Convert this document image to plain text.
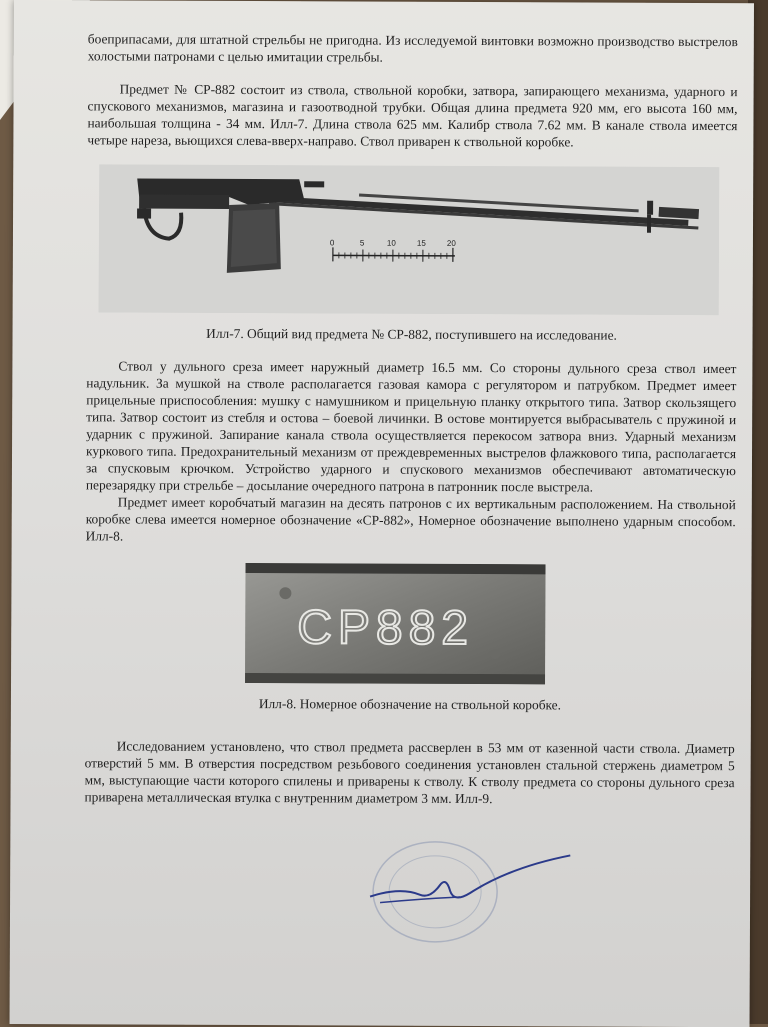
боеприпасами, для штатной стрельбы не пригодна. Из исследуемой винтовки возможно производство выстрелов холостыми патронами с целью имитации стрельбы.

Предмет № СР-882 состоит из ствола, ствольной коробки, затвора, запирающего механизма, ударного и спускового механизмов, магазина и газоотводной трубки. Общая длина предмета 920 мм, его высота 160 мм, наибольшая толщина - 34 мм. Илл-7. Длина ствола 625 мм. Калибр ствола 7.62 мм. В канале ствола имеется четыре нареза, вьющихся слева-вверх-направо. Ствол приварен к ствольной коробке.

0	5	10	15	20
Илл-7. Общий вид предмета № СР-882, поступившего на исследование.

Ствол у дульного среза имеет наружный диаметр 16.5 мм. Со стороны дульного среза ствол имеет надульник. За мушкой на стволе располагается газовая камора с регулятором и патрубком. Предмет имеет прицельные приспособления: мушку с намушником и прицельную планку открытого типа. Затвор скользящего типа. Затвор состоит из стебля и остова – боевой личинки. В остове монтируется выбрасыватель с пружиной и ударник с пружиной. Запирание канала ствола осуществляется перекосом затвора вниз. Ударный механизм куркового типа. Предохранительный механизм от преждевременных выстрелов флажкового типа, располагается за спусковым крючком. Устройство ударного и спускового механизмов обеспечивают автоматическую перезарядку при стрельбе – досылание очередного патрона в патронник после выстрела.

Предмет имеет коробчатый магазин на десять патронов с их вертикальным расположением. На ствольной коробке слева имеется номерное обозначение «СР-882», Номерное обозначение выполнено ударным способом. Илл-8.

СР882
Илл-8. Номерное обозначение на ствольной коробке.

Исследованием установлено, что ствол предмета рассверлен в 53 мм от казенной части ствола. Диаметр отверстий 5 мм. В отверстия посредством резьбового соединения установлен стальной стержень диаметром 5 мм, выступающие части которого спилены и приварены к стволу. К стволу предмета со стороны дульного среза приварена металлическая втулка с внутренним диаметром 3 мм. Илл-9.
